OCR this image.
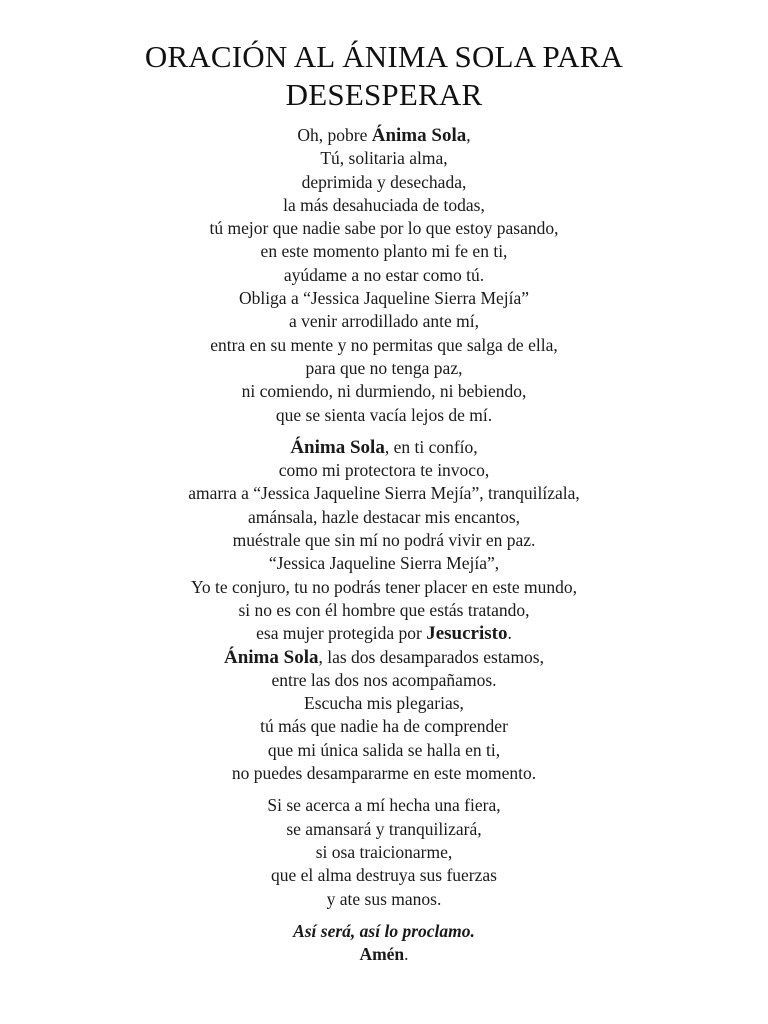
ORACIÓN AL ÁNIMA SOLA PARA
DESESPERAR
Oh, pobre Ánima Sola,
Tú, solitaria alma,
deprimida y desechada,
la más desahuciada de todas,
tú mejor que nadie sabe por lo que estoy pasando,
en este momento planto mi fe en ti,
ayúdame a no estar como tú.
Obliga a “Jessica Jaqueline Sierra Mejía”
a venir arrodillado ante mí,
entra en su mente y no permitas que salga de ella,
para que no tenga paz,
ni comiendo, ni durmiendo, ni bebiendo,
que se sienta vacía lejos de mí.
Ánima Sola, en ti confío,
como mi protectora te invoco,
amarra a “Jessica Jaqueline Sierra Mejía”, tranquilízala,
amánsala, hazle destacar mis encantos,
muéstrale que sin mí no podrá vivir en paz.
“Jessica Jaqueline Sierra Mejía”,
Yo te conjuro, tu no podrás tener placer en este mundo,
si no es con él hombre que estás tratando,
esa mujer protegida por Jesucristo.
Ánima Sola, las dos desamparados estamos,
entre las dos nos acompañamos.
Escucha mis plegarias,
tú más que nadie ha de comprender
que mi única salida se halla en ti,
no puedes desampararme en este momento.
Si se acerca a mí hecha una fiera,
se amansará y tranquilizará,
si osa traicionarme,
que el alma destruya sus fuerzas
y ate sus manos.
Así será, así lo proclamo.
Amén.
